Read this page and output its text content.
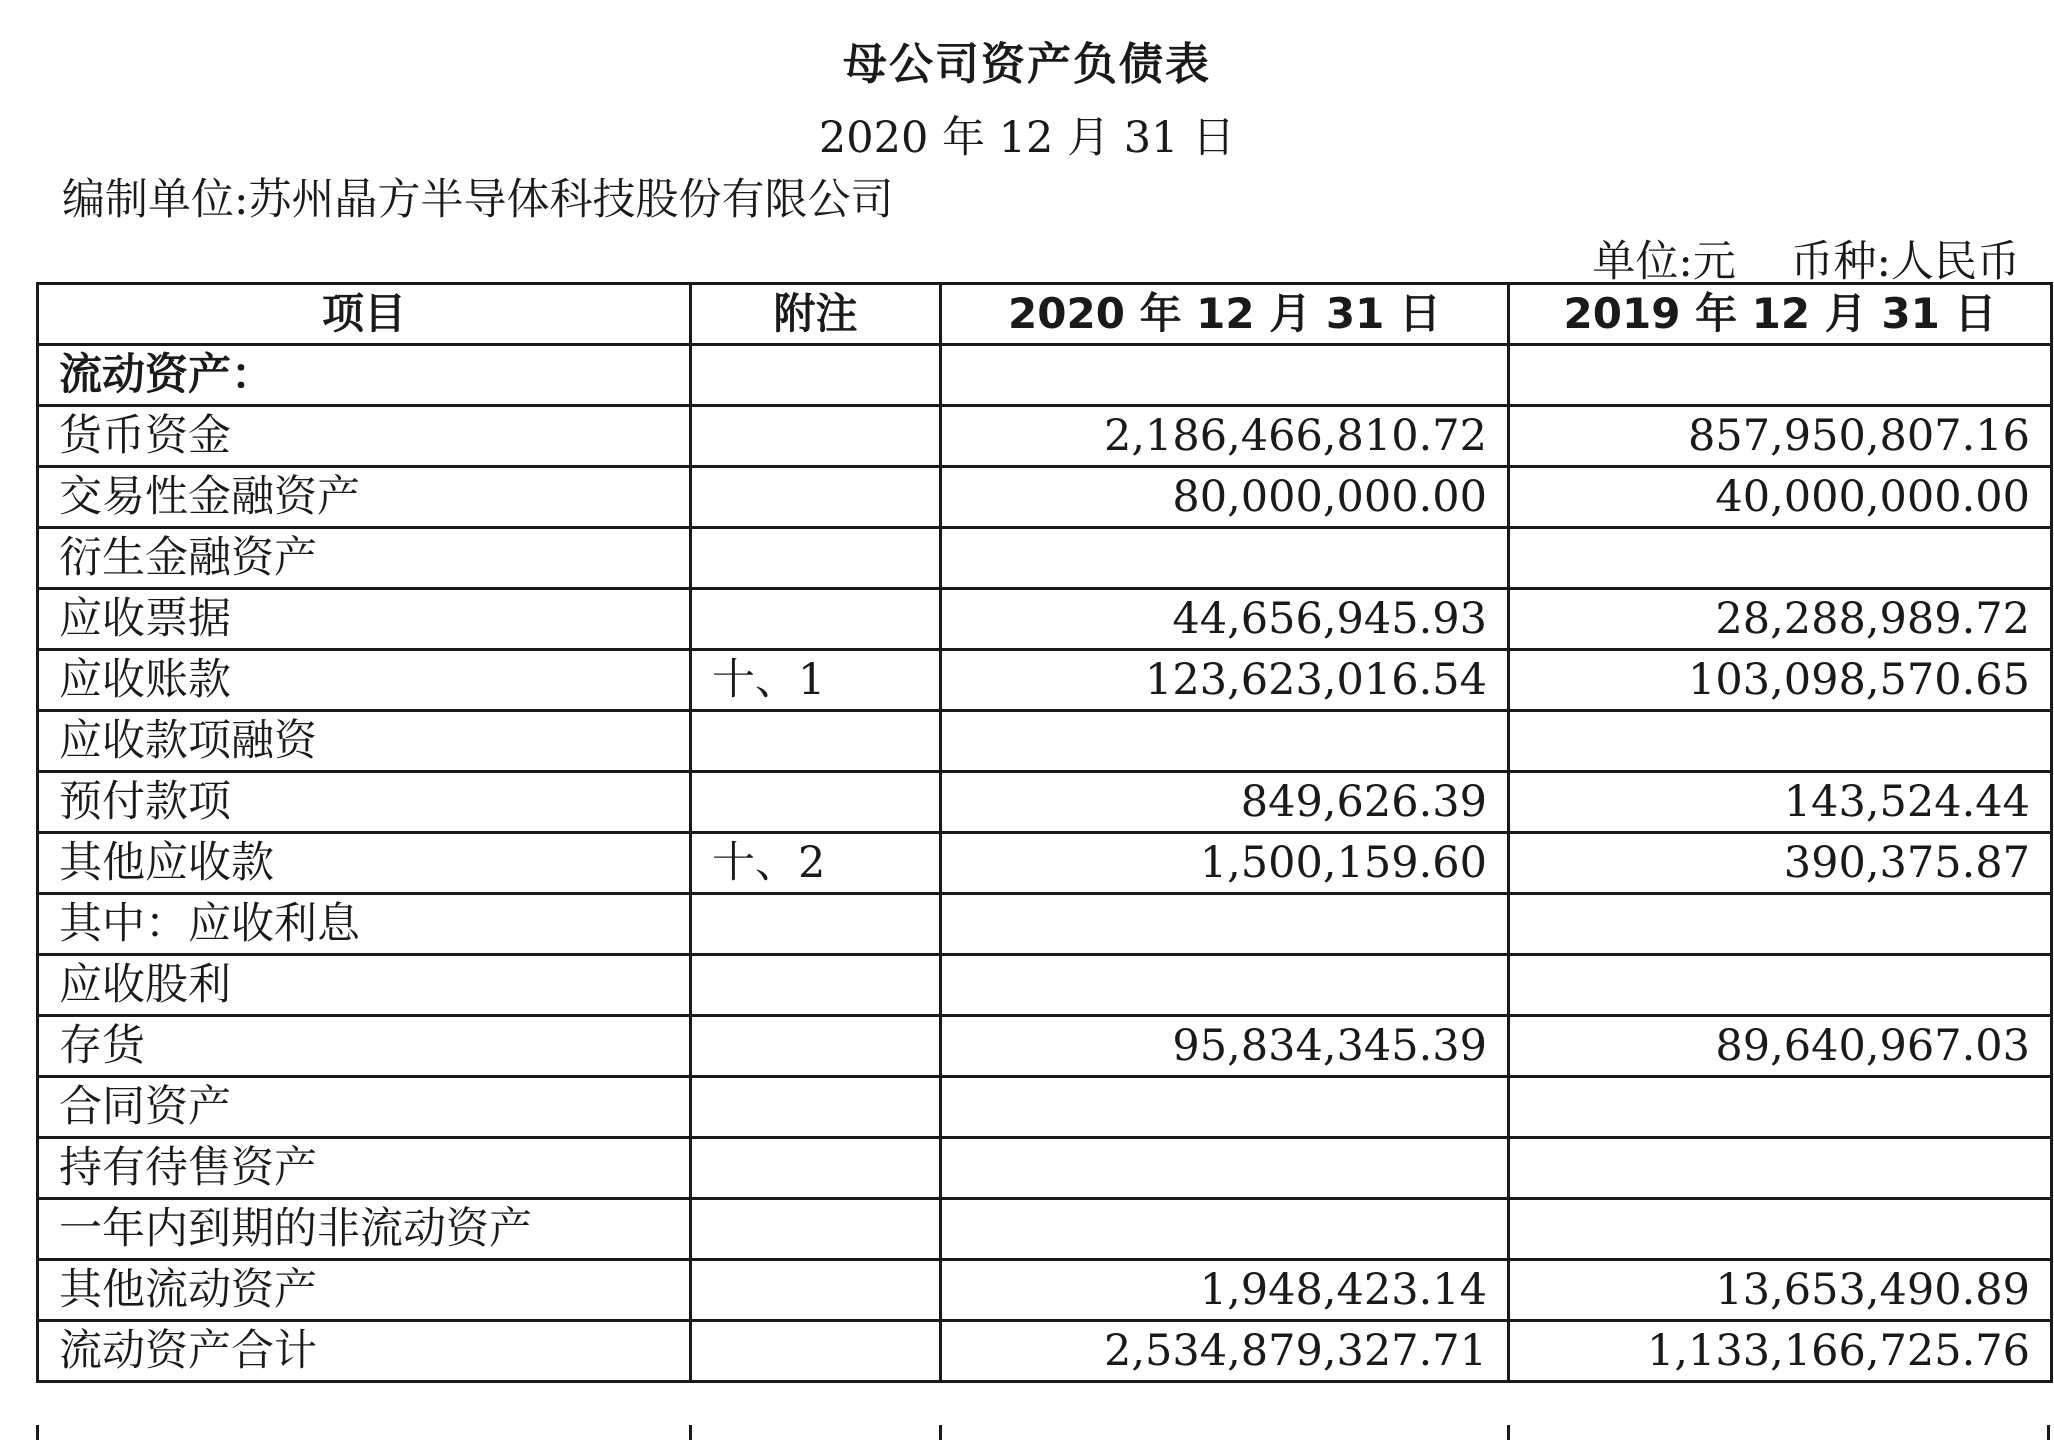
母公司资产负债表
2020 年 12 月 31 日
编制单位:苏州晶方半导体科技股份有限公司
单位:元    币种:人民币
项目	附注	2020 年 12 月 31 日	2019 年 12 月 31 日
流动资产：			
货币资金		2,186,466,810.72	857,950,807.16
交易性金融资产		80,000,000.00	40,000,000.00
衍生金融资产			
应收票据		44,656,945.93	28,288,989.72
应收账款	十、1	123,623,016.54	103,098,570.65
应收款项融资			
预付款项		849,626.39	143,524.44
其他应收款	十、2	1,500,159.60	390,375.87
其中：应收利息			
应收股利			
存货		95,834,345.39	89,640,967.03
合同资产			
持有待售资产			
一年内到期的非流动资产			
其他流动资产		1,948,423.14	13,653,490.89
流动资产合计		2,534,879,327.71	1,133,166,725.76
